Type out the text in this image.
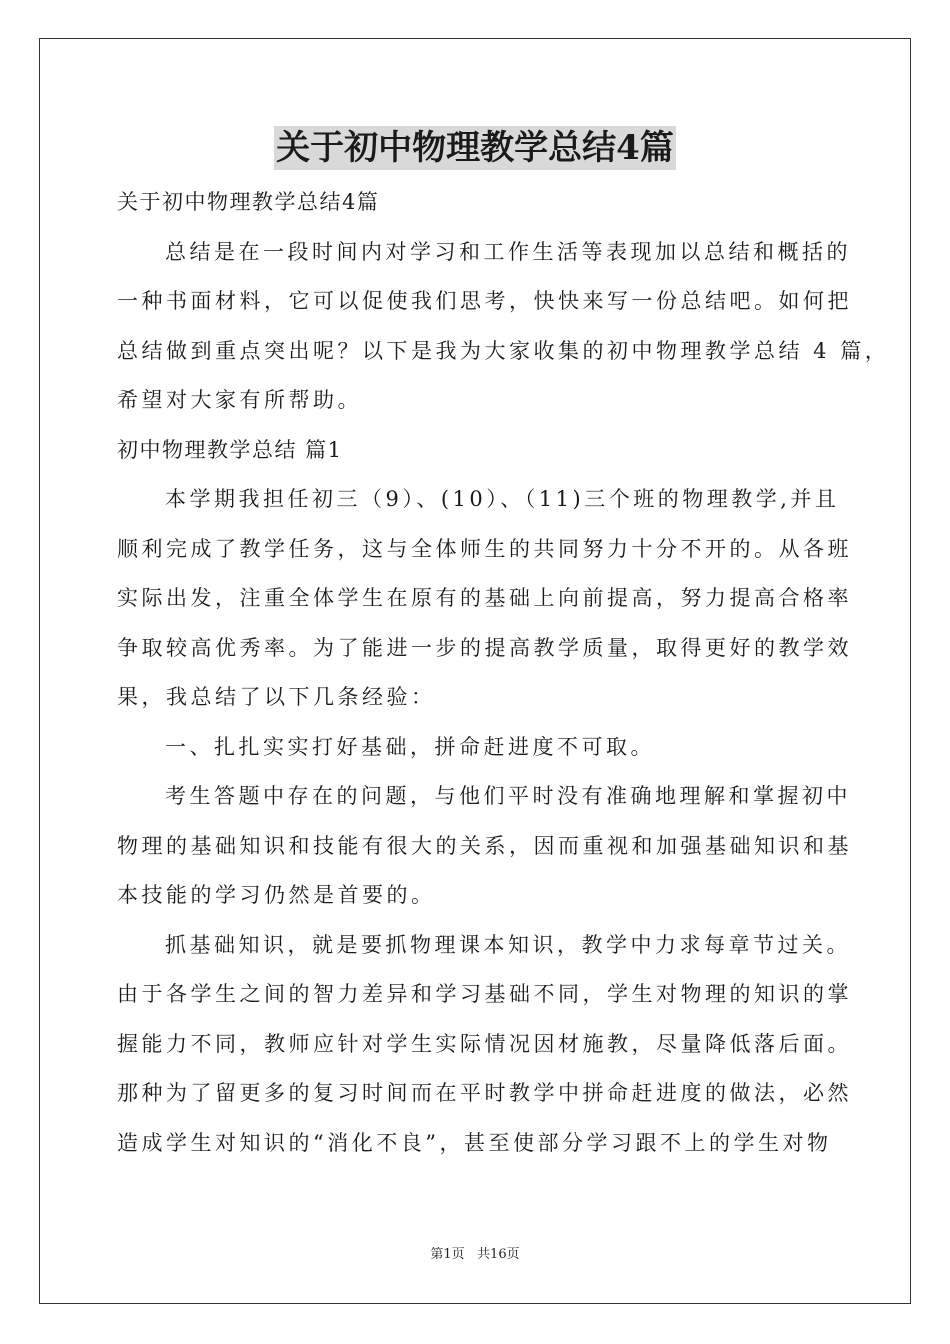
关于初中物理教学总结4篇
关于初中物理教学总结4篇
总结是在一段时间内对学习和工作生活等表现加以总结和概括的
一种书面材料，它可以促使我们思考，快快来写一份总结吧。如何把
总结做到重点突出呢？以下是我为大家收集的初中物理教学总结 4 篇，
希望对大家有所帮助。
初中物理教学总结 篇1
本学期我担任初三（9）、(10）、（11)三个班的物理教学,并且
顺利完成了教学任务，这与全体师生的共同努力十分不开的。从各班
实际出发，注重全体学生在原有的基础上向前提高，努力提高合格率
争取较高优秀率。为了能进一步的提高教学质量，取得更好的教学效
果，我总结了以下几条经验：
一、扎扎实实打好基础，拼命赶进度不可取。
考生答题中存在的问题，与他们平时没有准确地理解和掌握初中
物理的基础知识和技能有很大的关系，因而重视和加强基础知识和基
本技能的学习仍然是首要的。
抓基础知识，就是要抓物理课本知识，教学中力求每章节过关。
由于各学生之间的智力差异和学习基础不同，学生对物理的知识的掌
握能力不同，教师应针对学生实际情况因材施教，尽量降低落后面。
那种为了留更多的复习时间而在平时教学中拼命赶进度的做法，必然
造成学生对知识的“消化不良”，甚至使部分学习跟不上的学生对物
第1页   共16页
